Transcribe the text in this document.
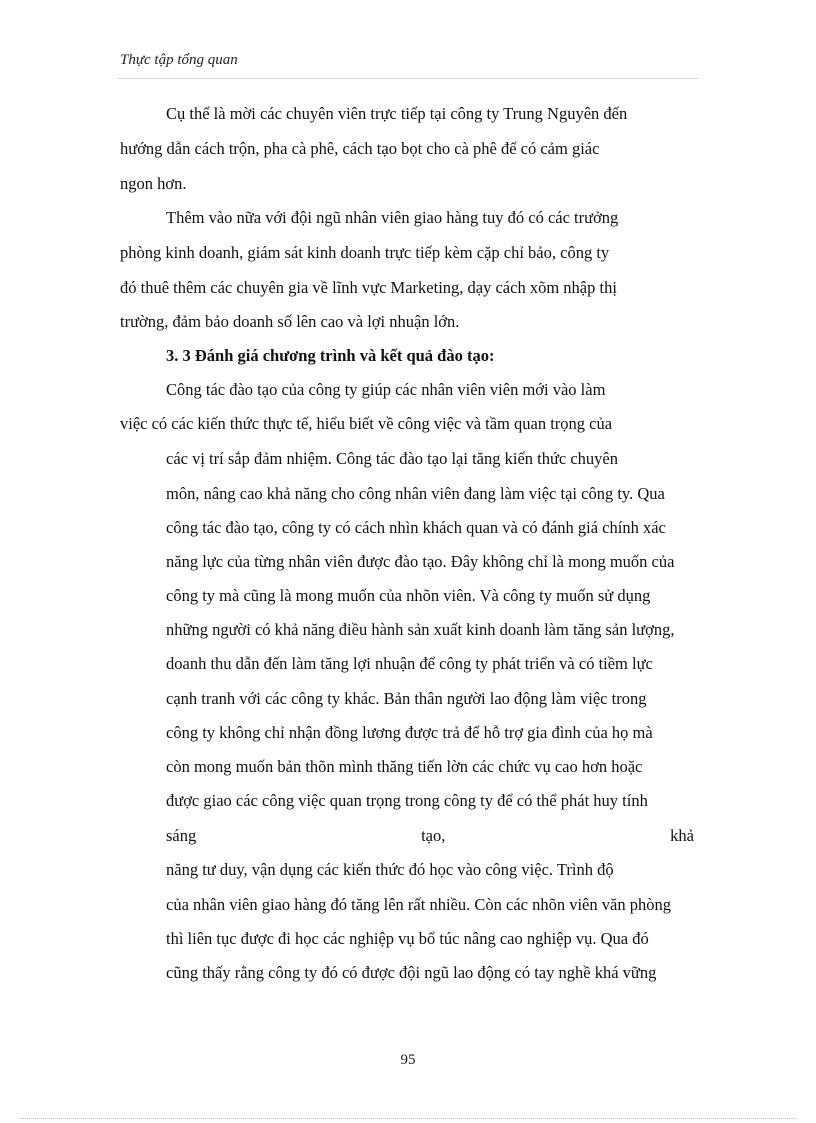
Thực tập tổng quan
Cụ thể là mời các chuyên viên trực tiếp tại công ty Trung Nguyên đến
hướng dẫn cách trộn, pha cà phê, cách tạo bọt cho cà phê để có cảm giác
ngon hơn.
Thêm vào nữa với đội ngũ nhân viên giao hàng tuy đó có các trưởng
phòng kinh doanh, giám sát kinh doanh trực tiếp kèm cặp chỉ bảo, công ty
đó thuê thêm các chuyên gia về lĩnh vực Marketing, dạy cách xõm nhập thị
trường, đảm bảo doanh số lên cao và lợi nhuận lớn.
3. 3 Đánh giá chương trình và kết quả đào tạo:
Công tác đào tạo của công ty giúp các nhân viên viên mới vào làm
việc có các kiến thức thực tế, hiểu biết về công việc và tầm quan trọng của
các vị trí sắp đảm nhiệm. Công tác đào tạo lại tăng kiến thức chuyên
môn, nâng cao khả năng cho công nhân viên đang làm việc tại công ty. Qua
công tác đào tạo, công ty có cách nhìn khách quan và có đánh giá chính xác
năng lực của từng nhân viên được đào tạo. Đây không chỉ là mong muốn của
công ty mà cũng là mong muốn của nhõn viên. Và công ty muốn sử dụng
những người có khả năng điều hành sản xuất kinh doanh làm tăng sản lượng,
doanh thu dẫn đến làm tăng lợi nhuận để công ty phát triển và có tiềm lực
cạnh tranh với các công ty khác. Bản thân người lao động làm việc trong
công ty không chỉ nhận đồng lương được trả để hỗ trợ gia đình của họ mà
còn mong muốn bản thõn mình thăng tiến lờn các chức vụ cao hơn hoặc
được giao các công việc quan trọng trong công ty để có thể phát huy tính
sáng	tạo,	khả
năng tư duy, vận dụng các kiến thức đó học vào công việc. Trình độ
của nhân viên giao hàng đó tăng lên rất nhiều. Còn các nhõn viên văn phòng
thì liên tục được đi học các nghiệp vụ bổ túc nâng cao nghiệp vụ. Qua đó
cũng thấy rằng công ty đó có được đội ngũ lao động có tay nghề khá vững
95
